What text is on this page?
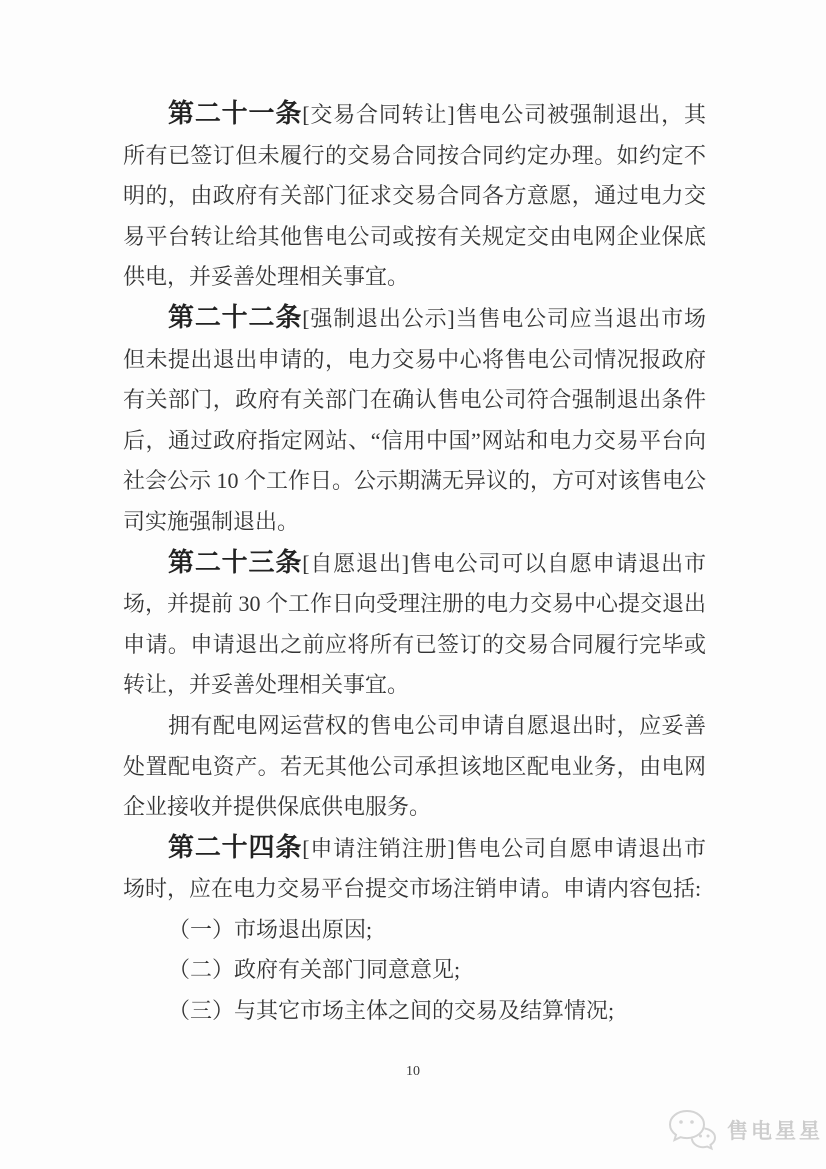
第二十一条[交易合同转让]售电公司被强制退出，其所有已签订但未履行的交易合同按合同约定办理。如约定不明的，由政府有关部门征求交易合同各方意愿，通过电力交易平台转让给其他售电公司或按有关规定交由电网企业保底供电，并妥善处理相关事宜。

第二十二条[强制退出公示]当售电公司应当退出市场但未提出退出申请的，电力交易中心将售电公司情况报政府有关部门，政府有关部门在确认售电公司符合强制退出条件后，通过政府指定网站、“信用中国”网站和电力交易平台向社会公示 10 个工作日。公示期满无异议的，方可对该售电公司实施强制退出。

第二十三条[自愿退出]售电公司可以自愿申请退出市场，并提前 30 个工作日向受理注册的电力交易中心提交退出申请。申请退出之前应将所有已签订的交易合同履行完毕或转让，并妥善处理相关事宜。

拥有配电网运营权的售电公司申请自愿退出时，应妥善处置配电资产。若无其他公司承担该地区配电业务，由电网企业接收并提供保底供电服务。

第二十四条[申请注销注册]售电公司自愿申请退出市场时，应在电力交易平台提交市场注销申请。申请内容包括:

（一）市场退出原因;

（二）政府有关部门同意意见;

（三）与其它市场主体之间的交易及结算情况;

10
售电星星
